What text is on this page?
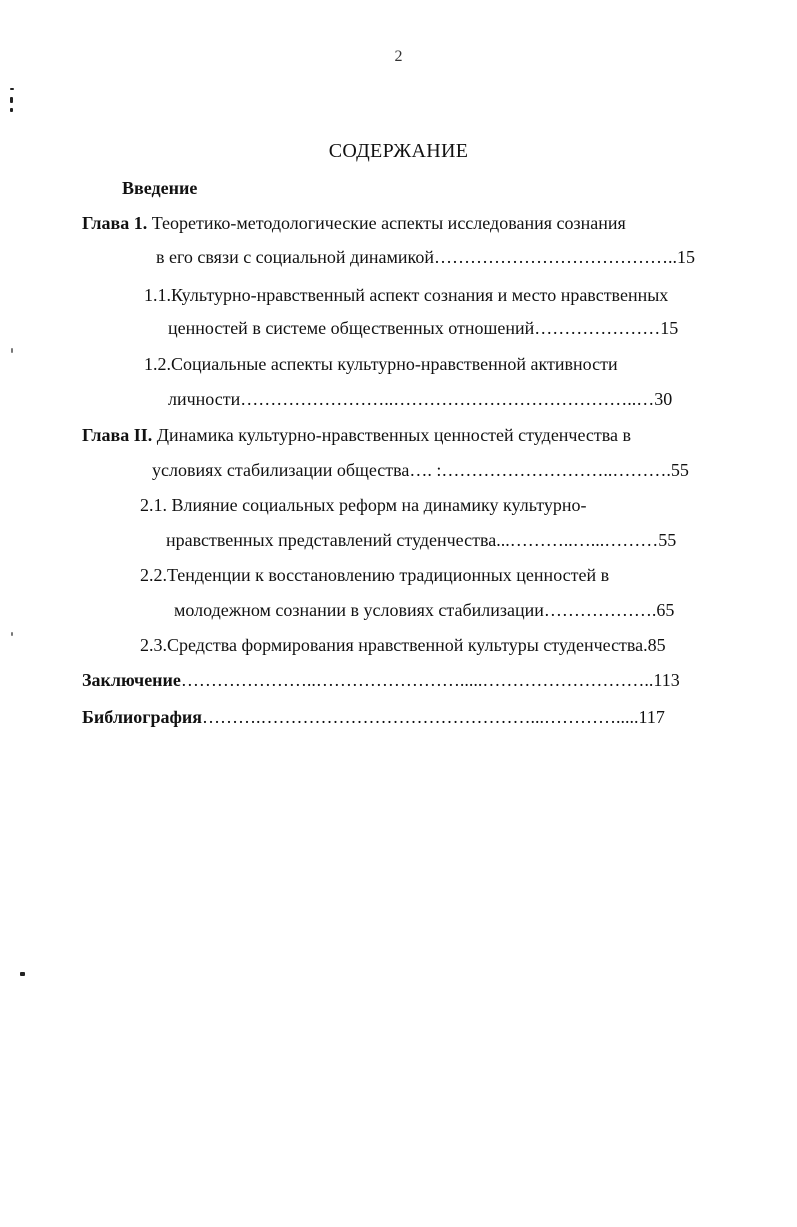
2
СОДЕРЖАНИЕ
Введение
Глава 1. Теоретико-методологические аспекты исследования сознания
в его связи с социальной динамикой…………………………………..15
1.1.Культурно-нравственный аспект сознания и место нравственных
ценностей в системе общественных отношений…………………15
1.2.Социальные аспекты культурно-нравственной активности
личности……………………..…………………………………..…30
Глава II. Динамика культурно-нравственных ценностей студенчества в
условиях стабилизации общества…. :………………………..……….55
2.1. Влияние социальных реформ на динамику культурно-
нравственных представлений студенчества...………..…...………55
2.2.Тенденции к восстановлению традиционных ценностей в
молодежном сознании в условиях стабилизации……………….65
2.3.Средства формирования нравственной культуры студенчества.85
Заключение…………………..…………………….....………………………..113
Библиография……….………………………………………...………….....117
